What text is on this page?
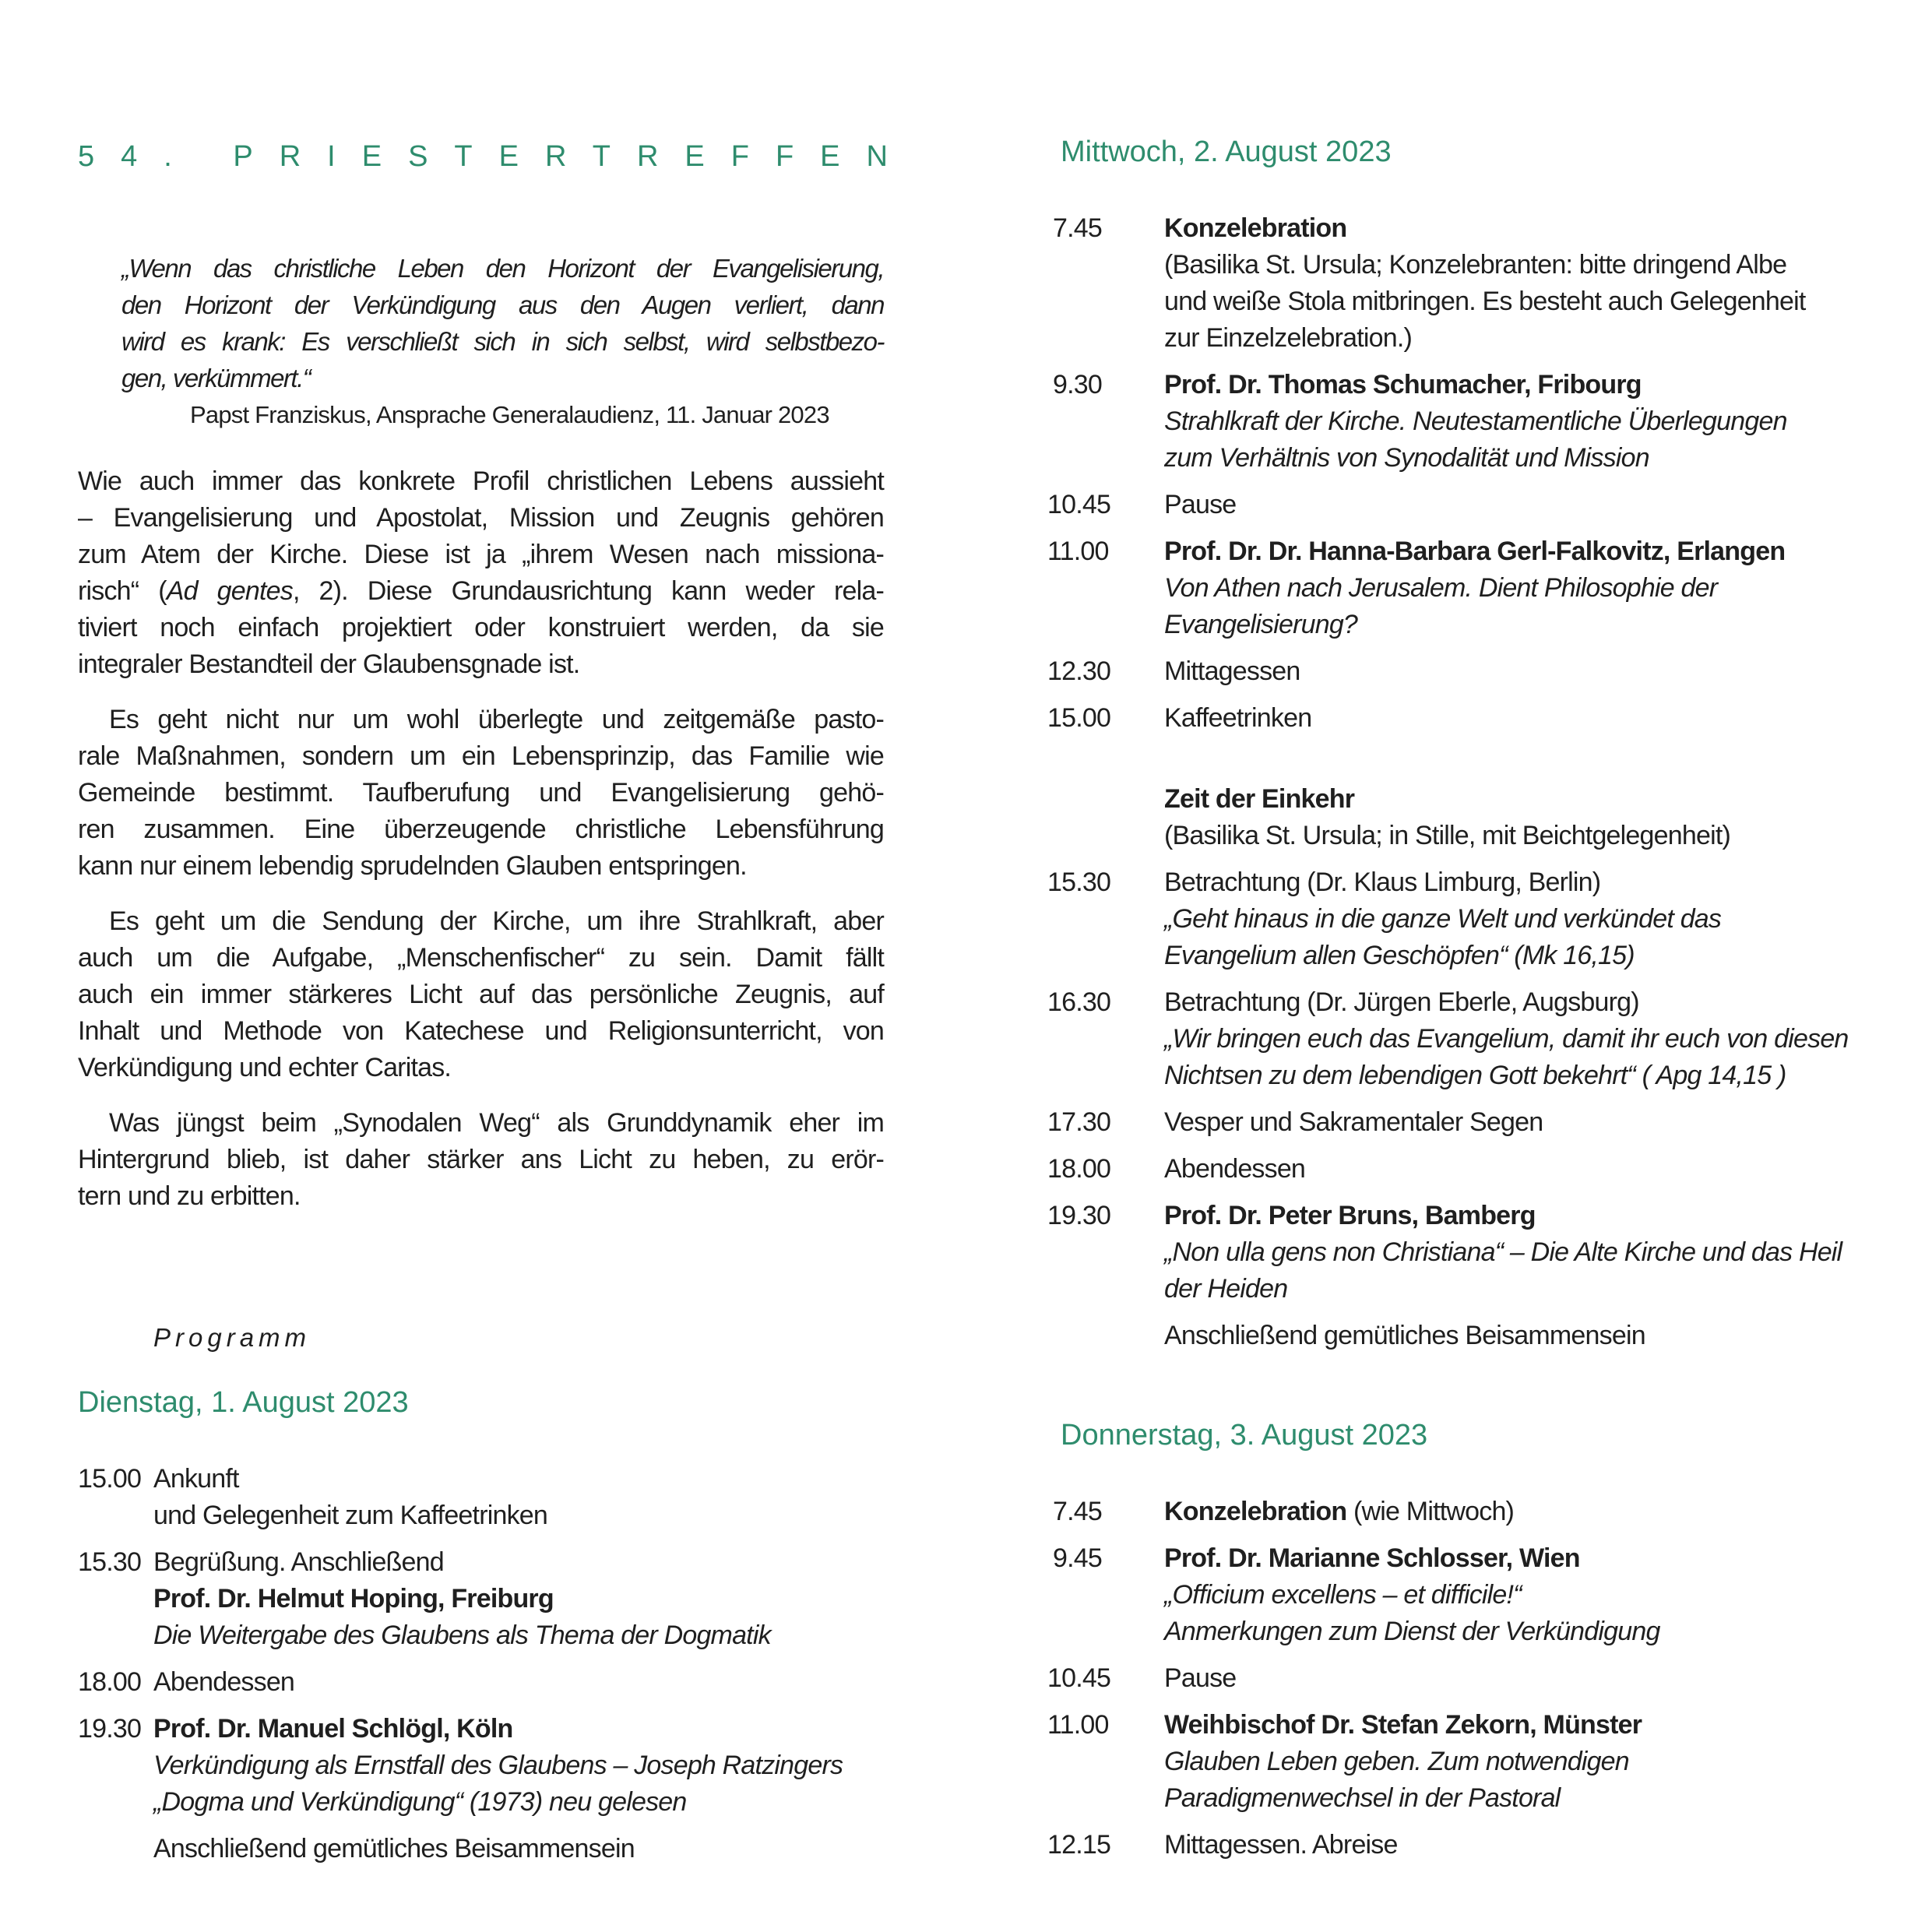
54. PRIESTERTREFFEN
„Wenn das christliche Leben den Horizont der Evangelisierung,
den Horizont der Verkündigung aus den Augen verliert, dann
wird es krank: Es verschließt sich in sich selbst, wird selbstbezo-
gen, verkümmert.“
Papst Franziskus, Ansprache Generalaudienz, 11. Januar 2023
Wie auch immer das konkrete Profil christlichen Lebens aussieht
– Evangelisierung und Apostolat, Mission und Zeugnis gehören
zum Atem der Kirche. Diese ist ja „ihrem Wesen nach missiona-
risch“ (Ad gentes, 2). Diese Grundausrichtung kann weder rela-
tiviert noch einfach projektiert oder konstruiert werden, da sie
integraler Bestandteil der Glaubensgnade ist.
Es geht nicht nur um wohl überlegte und zeitgemäße pasto-
rale Maßnahmen, sondern um ein Lebensprinzip, das Familie wie
Gemeinde bestimmt. Taufberufung und Evangelisierung gehö-
ren zusammen. Eine überzeugende christliche Lebensführung
kann nur einem lebendig sprudelnden Glauben entspringen.
Es geht um die Sendung der Kirche, um ihre Strahlkraft, aber
auch um die Aufgabe, „Menschenfischer“ zu sein. Damit fällt
auch ein immer stärkeres Licht auf das persönliche Zeugnis, auf
Inhalt und Methode von Katechese und Religionsunterricht, von
Verkündigung und echter Caritas.
Was jüngst beim „Synodalen Weg“ als Grunddynamik eher im
Hintergrund blieb, ist daher stärker ans Licht zu heben, zu erör-
tern und zu erbitten.
Programm
Dienstag, 1. August 2023
15.00 Ankunft
und Gelegenheit zum Kaffeetrinken
15.30 Begrüßung. Anschließend
Prof. Dr. Helmut Hoping, Freiburg
Die Weitergabe des Glaubens als Thema der Dogmatik
18.00 Abendessen
19.30 Prof. Dr. Manuel Schlögl, Köln
Verkündigung als Ernstfall des Glaubens – Joseph Ratzingers
„Dogma und Verkündigung“ (1973) neu gelesen
Anschließend gemütliches Beisammensein
Mittwoch, 2. August 2023
7.45 Konzelebration
(Basilika St. Ursula; Konzelebranten: bitte dringend Albe
und weiße Stola mitbringen. Es besteht auch Gelegenheit
zur Einzelzelebration.)
9.30 Prof. Dr. Thomas Schumacher, Fribourg
Strahlkraft der Kirche. Neutestamentliche Überlegungen
zum Verhältnis von Synodalität und Mission
10.45 Pause
11.00 Prof. Dr. Dr. Hanna-Barbara Gerl-Falkovitz, Erlangen
Von Athen nach Jerusalem. Dient Philosophie der
Evangelisierung?
12.30 Mittagessen
15.00 Kaffeetrinken
Zeit der Einkehr
(Basilika St. Ursula; in Stille, mit Beichtgelegenheit)
15.30 Betrachtung (Dr. Klaus Limburg, Berlin)
„Geht hinaus in die ganze Welt und verkündet das
Evangelium allen Geschöpfen“ (Mk 16,15)
16.30 Betrachtung (Dr. Jürgen Eberle, Augsburg)
„Wir bringen euch das Evangelium, damit ihr euch von diesen
Nichtsen zu dem lebendigen Gott bekehrt“ ( Apg 14,15 )
17.30 Vesper und Sakramentaler Segen
18.00 Abendessen
19.30 Prof. Dr. Peter Bruns, Bamberg
„Non ulla gens non Christiana“ – Die Alte Kirche und das Heil
der Heiden
Anschließend gemütliches Beisammensein
Donnerstag, 3. August 2023
7.45 Konzelebration (wie Mittwoch)
9.45 Prof. Dr. Marianne Schlosser, Wien
„Officium excellens – et difficile!“
Anmerkungen zum Dienst der Verkündigung
10.45 Pause
11.00 Weihbischof Dr. Stefan Zekorn, Münster
Glauben Leben geben. Zum notwendigen
Paradigmenwechsel in der Pastoral
12.15 Mittagessen. Abreise
